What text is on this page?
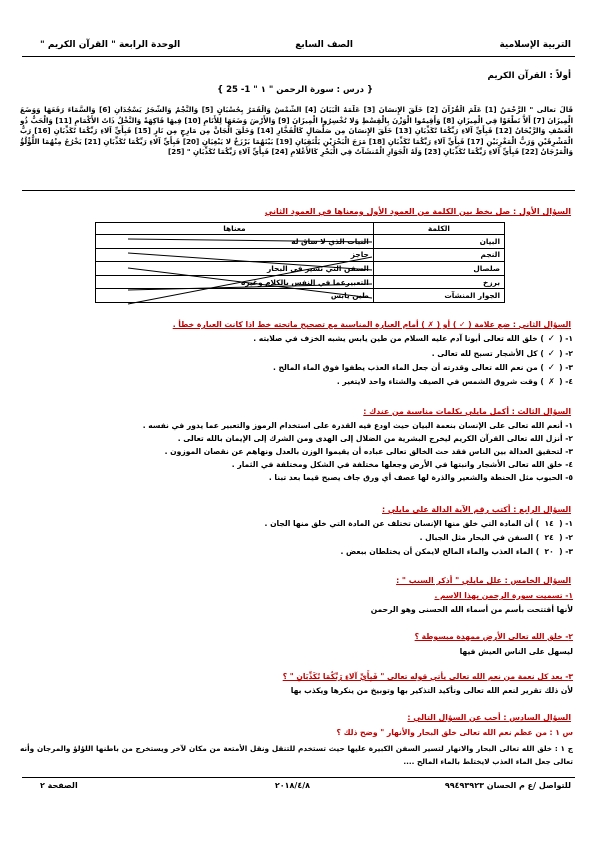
التربية الإسلامية
الصف السابع
الوحدة الرابعة " القرآن الكريم "
أولاً : القرآن الكريم
{ درس : سورة الرحمن " ١ " 1- 25 }
قَالَ تعالى " الرَّحْمَنُ [1] عَلَّمَ الْقُرْآنَ [2] خَلَقَ الإِنسَانَ [3] عَلَّمَهُ الْبَيَانَ [4] الشَّمْسُ وَالْقَمَرُ بِحُسْبَانٍ [5] وَالنَّجْمُ وَالشَّجَرُ يَسْجُدَانِ [6] وَالسَّمَاءَ رَفَعَهَا وَوَضَعَ الْمِيزَانَ [7] أَلاَّ تَطْغَوْا فِي الْمِيزَانِ [8] وَأَقِيمُوا الْوَزْنَ بِالْقِسْطِ وَلا تُخْسِرُوا الْمِيزَانَ [9] وَالأَرْضَ وَضَعَهَا لِلأَنَامِ [10] فِيهَا فَاكِهَةٌ وَالنَّخْلُ ذَاتُ الأَكْمَامِ [11] وَالْحَبُّ ذُو الْعَصْفِ وَالرَّيْحَانُ [12] فَبِأَيِّ آلاءِ رَبِّكُمَا تُكَذِّبَانِ [13] خَلَقَ الإِنسَانَ مِن صَلْصَالٍ كَالْفَخَّارِ [14] وَخَلَقَ الْجَانَّ مِن مَارِجٍ مِن نَارٍ [15] فَبِأَيِّ آلاءِ رَبِّكُمَا تُكَذِّبَانِ [16] رَبُّ الْمَشْرِقَيْنِ وَرَبُّ الْمَغْرِبَيْنِ [17] فَبِأَيِّ آلاءِ رَبِّكُمَا تُكَذِّبَانِ [18] مَرَجَ الْبَحْرَيْنِ يَلْتَقِيَانِ [19] بَيْنَهُمَا بَرْزَخٌ لا يَبْغِيَانِ [20] فَبِأَيِّ آلاءِ رَبِّكُمَا تُكَذِّبَانِ [21] يَخْرُجُ مِنْهُمَا اللُّؤْلُؤُ وَالْمَرْجَانُ [22] فَبِأَيِّ آلاءِ رَبِّكُمَا تُكَذِّبَانِ [23] وَلَهُ الْجَوَارِ الْمُنشَآتُ فِي الْبَحْرِ كَالأَعْلامِ [24] فَبِأَيِّ آلاءِ رَبِّكُمَا تُكَذِّبَانِ " [25]
السؤال الأول : صل بخط بين الكلمة من العمود الأول ومعناها في العمود الثاني
الكلمة	معناها
البيان	النبات الذي لا ساق له
النجم	حاجز
صلصال	السفن التي تسير في البحار
برزخ	التعبيرعما في النفس بالكلام وغيره
الجوار المنشآت	طين يابس
السؤال الثاني : ضع علامة ( ✓ ) أو ( ✗ ) أمام العبارة المناسبة مع تصحيح ماتحته خط اذا كانت العبارة خطأ .
١- ( ✓ ) خلق الله تعالى أبونا آدم عليه السلام من طين يابس يشبه الخزف في صلابته .
٢- ( ✓ ) كل الأشجار تسبح لله تعالى .
٣- ( ✓ ) من نعم الله تعالى وقدرته أن جعل الماء العذب يطفوا فوق الماء المالح .
٤- ( ✗ ) وقت شروق الشمس في الصيف والشتاء واحد لايتغير .
السؤال الثالث : أكمل مايلي بكلمات مناسبة من عندك :
١- أنعم الله تعالى على الإنسان بنعمة البيان حيث اودع فيه القدرة على استخدام الرموز والتعبير عما يدور في نفسه .
٢- أنزل الله تعالى القرآن الكريم ليخرج البشرية من الضلال إلى الهدى ومن الشرك إلى الإيمان بالله تعالى .
٣- لتحقيق العدالة بين الناس فقد حث الخالق تعالى عباده أن يقيموا الوزن بالعدل ونهاهم عن نقصان الموزون .
٤- خلق الله تعالى الأشجار وانبتها في الأرض وجعلها مختلفة في الشكل ومختلفة في الثمار .
٥- الحبوب مثل الحنطة والشعير والذرة لها عصف أي ورق جاف يصبح قيما بعد تبنا .
السؤال الرابع : أكتب رقم الآية الدالة على مايلي :
١- (  ١٤  ) أن المادة التي خلق منها الإنسان تختلف عن المادة التي خلق منها الجان .
٢- (  ٢٤  ) السفن في البحار مثل الجبال .
٣- (  ٢٠  ) الماء العذب والماء المالح لايمكن أن يختلطان ببعض .
السؤال الخامس : علل مايلي " أذكر السبب " :
١- تسميت سورة الرحمن بهذا الاسم .
لأنها أفتتحت بأسم من أسماء الله الحسنى وهو الرحمن
٢- خلق الله تعالى الأرض ممهدة مبسوطة ؟
ليسهل على الناس العيش فيها
٣- بعد كل نعمة من نعم الله تعالى يأتي قوله تعالى " فَبِأَيِّ آلاءِ رَبِّكُمَا تُكَذِّبَانِ " ؟
لأن ذلك تقرير لنعم الله تعالى وتأكيد التذكير بها وتوبيخ من ينكرها ويكذب بها
السؤال السادس : أجب عن السؤال التالي :
س ١ : من عظم نعم الله تعالى خلق البحار والأنهار " وضح ذلك ؟
ج ١ : خلق الله تعالى البحار والانهار لتسير السفن الكبيرة عليها حيث تستخدم للتنقل ونقل الأمتعة من مكان لآخر ويستخرج من باطنها اللؤلؤ والمرجان وأنه تعالى جعل الماء العذب لايختلط بالماء المالح ....
للتواصل /ع م الحسان ٩٩٤٩٣٩٢٣
٢٠١٨/٤/٨
الصفحة ٢
